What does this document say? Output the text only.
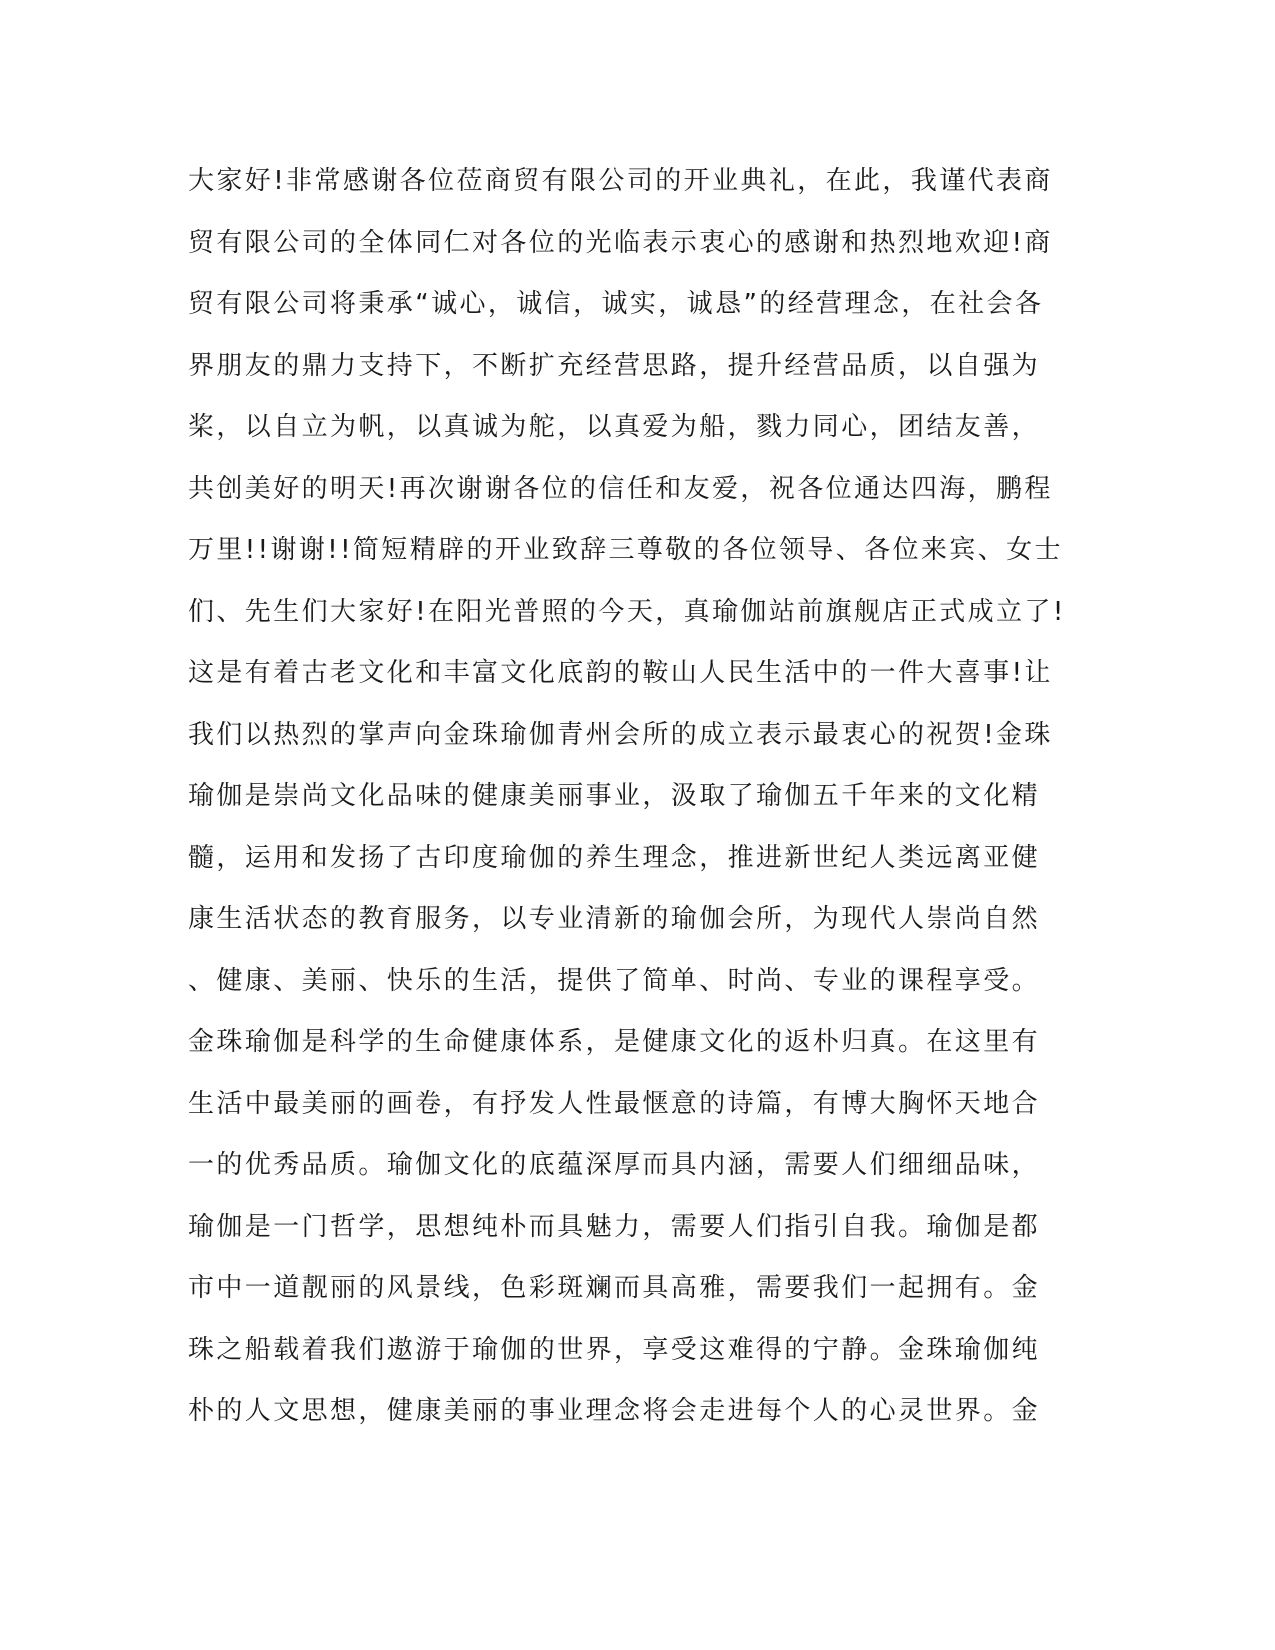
大家好!非常感谢各位莅商贸有限公司的开业典礼，在此，我谨代表商
贸有限公司的全体同仁对各位的光临表示衷心的感谢和热烈地欢迎!商
贸有限公司将秉承“诚心，诚信，诚实，诚恳”的经营理念，在社会各
界朋友的鼎力支持下，不断扩充经营思路，提升经营品质，以自强为
桨，以自立为帆，以真诚为舵，以真爱为船，戮力同心，团结友善，
共创美好的明天!再次谢谢各位的信任和友爱，祝各位通达四海，鹏程
万里!!谢谢!!简短精辟的开业致辞三尊敬的各位领导、各位来宾、女士
们、先生们大家好!在阳光普照的今天，真瑜伽站前旗舰店正式成立了!
这是有着古老文化和丰富文化底韵的鞍山人民生活中的一件大喜事!让
我们以热烈的掌声向金珠瑜伽青州会所的成立表示最衷心的祝贺!金珠
瑜伽是崇尚文化品味的健康美丽事业，汲取了瑜伽五千年来的文化精
髓，运用和发扬了古印度瑜伽的养生理念，推进新世纪人类远离亚健
康生活状态的教育服务，以专业清新的瑜伽会所，为现代人崇尚自然
、健康、美丽、快乐的生活，提供了简单、时尚、专业的课程享受。
金珠瑜伽是科学的生命健康体系，是健康文化的返朴归真。在这里有
生活中最美丽的画卷，有抒发人性最惬意的诗篇，有博大胸怀天地合
一的优秀品质。瑜伽文化的底蕴深厚而具内涵，需要人们细细品味，
瑜伽是一门哲学，思想纯朴而具魅力，需要人们指引自我。瑜伽是都
市中一道靓丽的风景线，色彩斑斓而具高雅，需要我们一起拥有。金
珠之船载着我们遨游于瑜伽的世界，享受这难得的宁静。金珠瑜伽纯
朴的人文思想，健康美丽的事业理念将会走进每个人的心灵世界。金
